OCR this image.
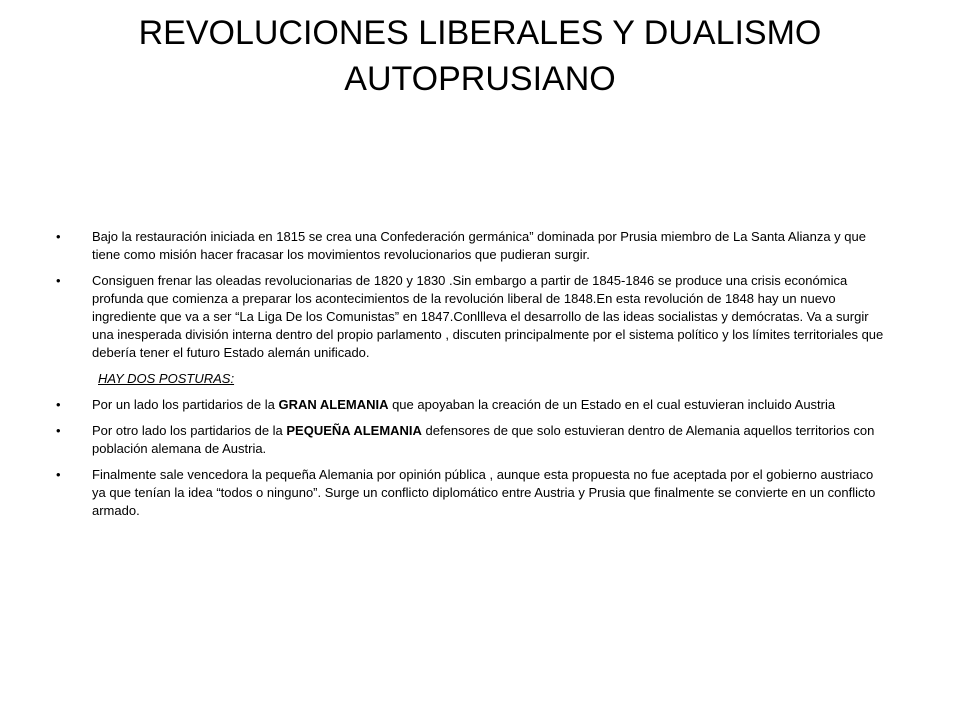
REVOLUCIONES LIBERALES Y DUALISMO AUTOPRUSIANO
•	Bajo la restauración iniciada en 1815 se crea una Confederación germánica” dominada por Prusia miembro de La Santa Alianza y que tiene como misión hacer fracasar los movimientos revolucionarios que pudieran surgir.
•	Consiguen frenar las oleadas revolucionarias de 1820 y 1830 .Sin embargo a partir de 1845-1846 se produce una crisis económica profunda que comienza a preparar los acontecimientos de la revolución liberal de 1848.En esta revolución de 1848 hay un nuevo ingrediente que va a ser “La Liga De los Comunistas” en 1847.Conllleva el desarrollo de las ideas socialistas y demócratas. Va a surgir una inesperada división interna dentro del propio parlamento , discuten principalmente por el sistema político y los límites territoriales que debería tener el futuro Estado alemán unificado.
HAY DOS POSTURAS:
•	Por un lado los partidarios de la GRAN ALEMANIA que apoyaban la creación de un Estado en el cual estuvieran incluido Austria
•	Por otro lado los partidarios de la PEQUEÑA ALEMANIA defensores de que solo estuvieran dentro de Alemania aquellos territorios con población alemana de Austria.
•	Finalmente sale vencedora la pequeña Alemania por opinión pública , aunque esta propuesta no fue aceptada por el gobierno austriaco ya que tenían la idea “todos o ninguno”. Surge un conflicto diplomático entre Austria y Prusia que finalmente se convierte en un conflicto armado.
